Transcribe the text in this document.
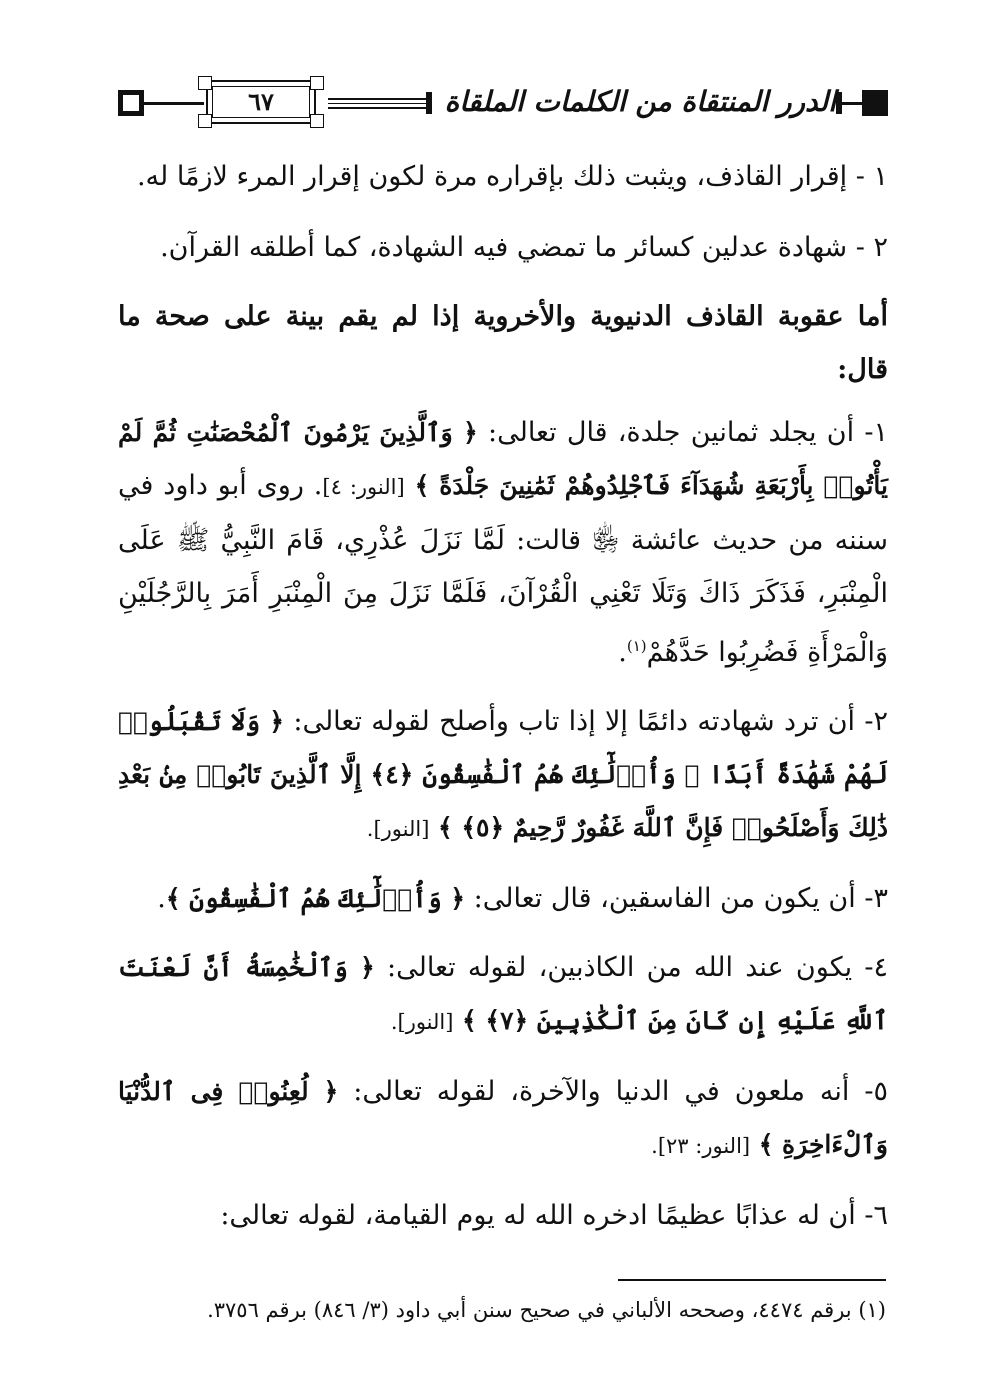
٦٧	الدرر المنتقاة من الكلمات الملقاة

١ - إقرار القاذف، ويثبت ذلك بإقراره مرة لكون إقرار المرء لازمًا له.

٢ - شهادة عدلين كسائر ما تمضي فيه الشهادة، كما أطلقه القرآن.

أما عقوبة القاذف الدنيوية والأخروية إذا لم يقم بينة على صحة ما قال:

١- أن يجلد ثمانين جلدة، قال تعالى: ﴿ وَٱلَّذِينَ يَرْمُونَ ٱلْمُحْصَنَٰتِ ثُمَّ لَمْ يَأْتُوا۟ بِأَرْبَعَةِ شُهَدَآءَ فَٱجْلِدُوهُمْ ثَمَٰنِينَ جَلْدَةً ﴾ [النور: ٤]. روى أبو داود في سننه من حديث عائشة ﵂ قالت: لَمَّا نَزَلَ عُذْرِي، قَامَ النَّبِيُّ ﷺ عَلَى الْمِنْبَرِ، فَذَكَرَ ذَاكَ وَتَلَا تَعْنِي الْقُرْآنَ، فَلَمَّا نَزَلَ مِنَ الْمِنْبَرِ أَمَرَ بِالرَّجُلَيْنِ وَالْمَرْأَةِ فَضُرِبُوا حَدَّهُمْ$^{(١)}$.

٢- أن ترد شهادته دائمًا إلا إذا تاب وأصلح لقوله تعالى: ﴿ وَلَا تَقْبَلُوا۟ لَهُمْ شَهَٰدَةً أَبَدًا ۚ وَأُو۟لَٰٓئِكَ هُمُ ٱلْفَٰسِقُونَ ﴿٤﴾ إِلَّا ٱلَّذِينَ تَابُوا۟ مِنۢ بَعْدِ ذَٰلِكَ وَأَصْلَحُوا۟ فَإِنَّ ٱللَّهَ غَفُورٌ رَّحِيمٌ ﴿٥﴾ ﴾ [النور].

٣- أن يكون من الفاسقين، قال تعالى: ﴿ وَأُو۟لَٰٓئِكَ هُمُ ٱلْفَٰسِقُونَ ﴾.

٤- يكون عند الله من الكاذبين، لقوله تعالى: ﴿ وَٱلْخَٰمِسَةُ أَنَّ لَعْنَتَ ٱللَّهِ عَلَيْهِ إِن كَانَ مِنَ ٱلْكَٰذِبِينَ ﴿٧﴾ ﴾ [النور].

٥- أنه ملعون في الدنيا والآخرة، لقوله تعالى: ﴿ لُعِنُوا۟ فِى ٱلدُّنْيَا وَٱلْءَاخِرَةِ ﴾ [النور: ٢٣].

٦- أن له عذابًا عظيمًا ادخره الله له يوم القيامة، لقوله تعالى:

(١) برقم ٤٤٧٤، وصححه الألباني في صحيح سنن أبي داود (٣/ ٨٤٦) برقم ٣٧٥٦.
